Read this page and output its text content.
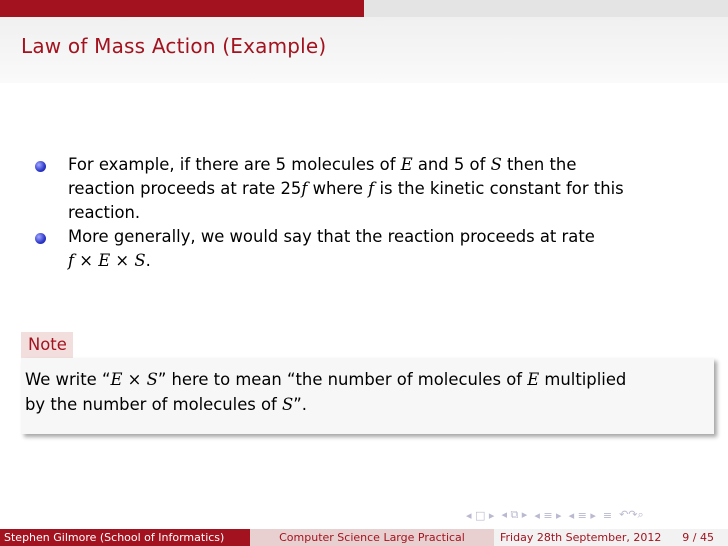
Law of Mass Action (Example)
For example, if there are 5 molecules of E and 5 of S then the
reaction proceeds at rate 25f where f is the kinetic constant for this
reaction.
More generally, we would say that the reaction proceeds at rate
f × E × S.
Note
We write “E × S” here to mean “the number of molecules of E multiplied
by the number of molecules of S”.
◂ □ ▸ ◂ ⧉ ▸ ◂ ≡ ▸ ◂ ≡ ▸ ≡ ↶↷⌕
Stephen Gilmore (School of Informatics)	Computer Science Large Practical	Friday 28th September, 2012 9 / 45
